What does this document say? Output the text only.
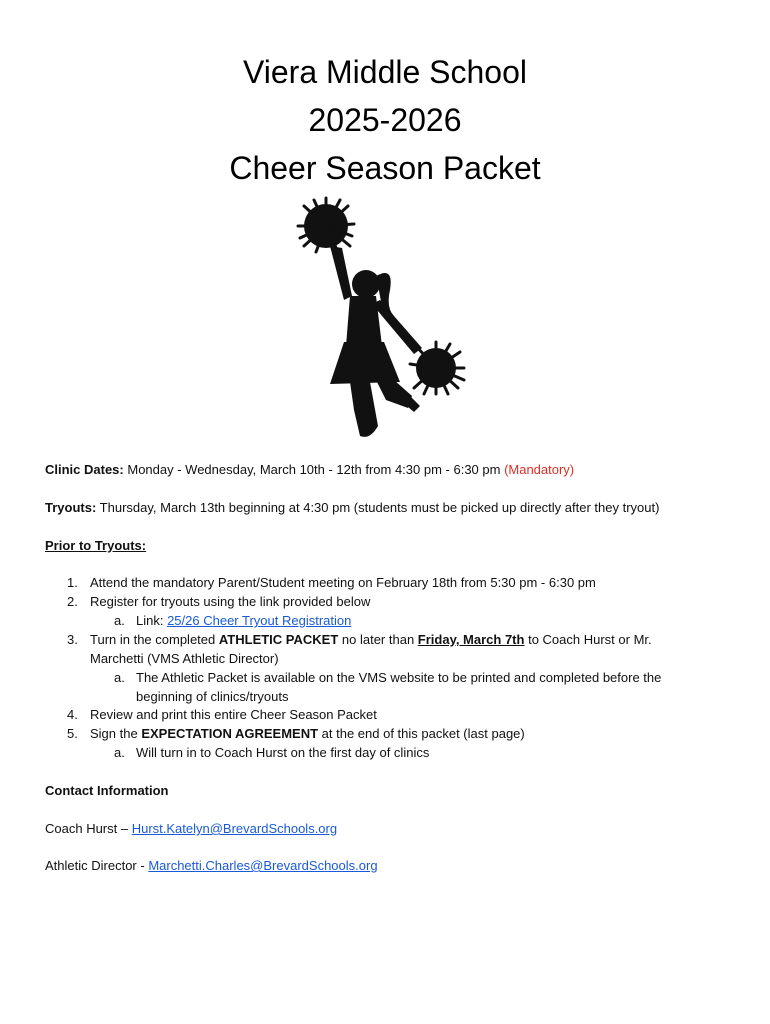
Viera Middle School
2025-2026
Cheer Season Packet
Clinic Dates: Monday - Wednesday, March 10th - 12th from 4:30 pm - 6:30 pm (Mandatory)
Tryouts: Thursday, March 13th beginning at 4:30 pm (students must be picked up directly after they tryout)
Prior to Tryouts:
1. Attend the mandatory Parent/Student meeting on February 18th from 5:30 pm - 6:30 pm
2. Register for tryouts using the link provided below
a. Link: 25/26 Cheer Tryout Registration
3. Turn in the completed ATHLETIC PACKET no later than Friday, March 7th to Coach Hurst or Mr.
Marchetti (VMS Athletic Director)
a. The Athletic Packet is available on the VMS website to be printed and completed before the
beginning of clinics/tryouts
4. Review and print this entire Cheer Season Packet
5. Sign the EXPECTATION AGREEMENT at the end of this packet (last page)
a. Will turn in to Coach Hurst on the first day of clinics
Contact Information
Coach Hurst – Hurst.Katelyn@BrevardSchools.org
Athletic Director - Marchetti.Charles@BrevardSchools.org
